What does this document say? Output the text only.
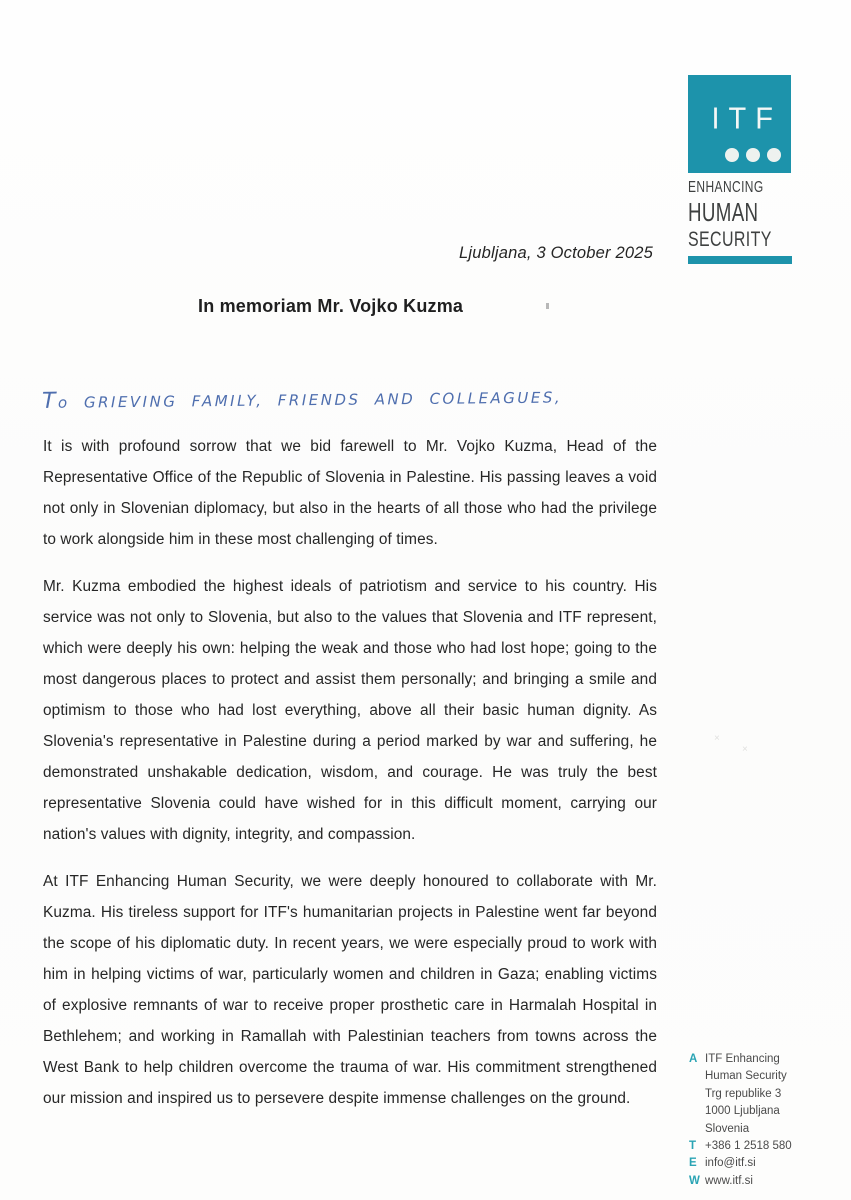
ITF
ENHANCING
HUMAN
SECURITY
Ljubljana, 3 October 2025
In memoriam Mr. Vojko Kuzma
To GRIEVING FAMILY, FRIENDS AND COLLEAGUES,

It is with profound sorrow that we bid farewell to Mr. Vojko Kuzma, Head of the Representative Office of the Republic of Slovenia in Palestine. His passing leaves a void not only in Slovenian diplomacy, but also in the hearts of all those who had the privilege to work alongside him in these most challenging of times.

Mr. Kuzma embodied the highest ideals of patriotism and service to his country. His service was not only to Slovenia, but also to the values that Slovenia and ITF represent, which were deeply his own: helping the weak and those who had lost hope; going to the most dangerous places to protect and assist them personally; and bringing a smile and optimism to those who had lost everything, above all their basic human dignity. As Slovenia's representative in Palestine during a period marked by war and suffering, he demonstrated unshakable dedication, wisdom, and courage. He was truly the best representative Slovenia could have wished for in this difficult moment, carrying our nation's values with dignity, integrity, and compassion.

At ITF Enhancing Human Security, we were deeply honoured to collaborate with Mr. Kuzma. His tireless support for ITF's humanitarian projects in Palestine went far beyond the scope of his diplomatic duty. In recent years, we were especially proud to work with him in helping victims of war, particularly women and children in Gaza; enabling victims of explosive remnants of war to receive proper prosthetic care in Harmalah Hospital in Bethlehem; and working in Ramallah with Palestinian teachers from towns across the West Bank to help children overcome the trauma of war. His commitment strengthened our mission and inspired us to persevere despite immense challenges on the ground.

A ITF Enhancing
Human Security
Trg republike 3
1000 Ljubljana
Slovenia
T +386 1 2518 580
E info@itf.si
W www.itf.si
×
×
